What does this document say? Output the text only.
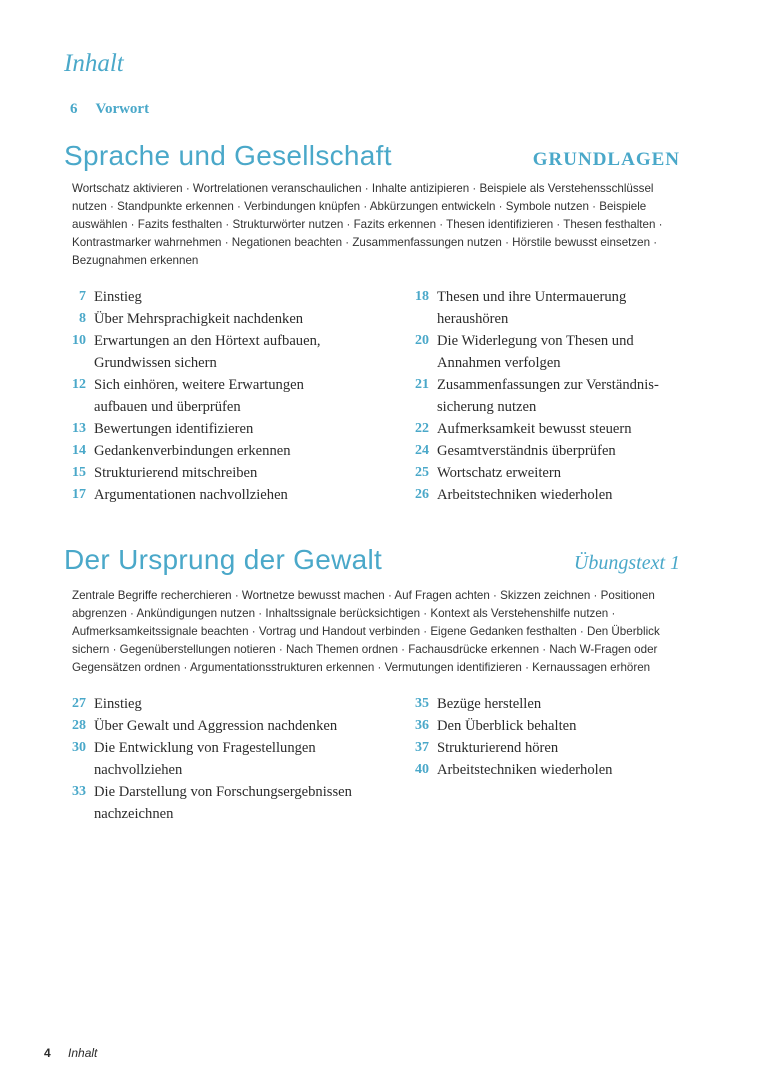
Inhalt
6 Vorwort
Sprache und Gesellschaft	GRUNDLAGEN
Wortschatz aktivieren · Wortrelationen veranschaulichen · Inhalte antizipieren · Beispiele als Verstehensschlüssel nutzen · Standpunkte erkennen · Verbindungen knüpfen · Abkürzungen entwickeln · Symbole nutzen · Beispiele auswählen · Fazits festhalten · Strukturwörter nutzen · Fazits erkennen · Thesen identifizieren · Thesen festhalten · Kontrastmarker wahrnehmen · Negationen beachten · Zusammenfassungen nutzen · Hörstile bewusst einsetzen · Bezugnahmen erkennen
7 Einstieg
8 Über Mehrsprachigkeit nachdenken
10 Erwartungen an den Hörtext aufbauen, Grundwissen sichern
12 Sich einhören, weitere Erwartungen aufbauen und überprüfen
13 Bewertungen identifizieren
14 Gedankenverbindungen erkennen
15 Strukturierend mitschreiben
17 Argumentationen nachvollziehen
18 Thesen und ihre Untermauerung heraushören
20 Die Widerlegung von Thesen und Annahmen verfolgen
21 Zusammenfassungen zur Verständnissicherung nutzen
22 Aufmerksamkeit bewusst steuern
24 Gesamtverständnis überprüfen
25 Wortschatz erweitern
26 Arbeitstechniken wiederholen
Der Ursprung der Gewalt	Übungstext 1
Zentrale Begriffe recherchieren · Wortnetze bewusst machen · Auf Fragen achten · Skizzen zeichnen · Positionen abgrenzen · Ankündigungen nutzen · Inhaltssignale berücksichtigen · Kontext als Verstehenshilfe nutzen · Aufmerksamkeitssignale beachten · Vortrag und Handout verbinden · Eigene Gedanken festhalten · Den Überblick sichern · Gegenüberstellungen notieren · Nach Themen ordnen · Fachausdrücke erkennen · Nach W-Fragen oder Gegensätzen ordnen · Argumentationsstrukturen erkennen · Vermutungen identifizieren · Kernaussagen erhören
27 Einstieg
28 Über Gewalt und Aggression nachdenken
30 Die Entwicklung von Fragestellungen nachvollziehen
33 Die Darstellung von Forschungsergebnissen nachzeichnen
35 Bezüge herstellen
36 Den Überblick behalten
37 Strukturierend hören
40 Arbeitstechniken wiederholen
4 Inhalt
